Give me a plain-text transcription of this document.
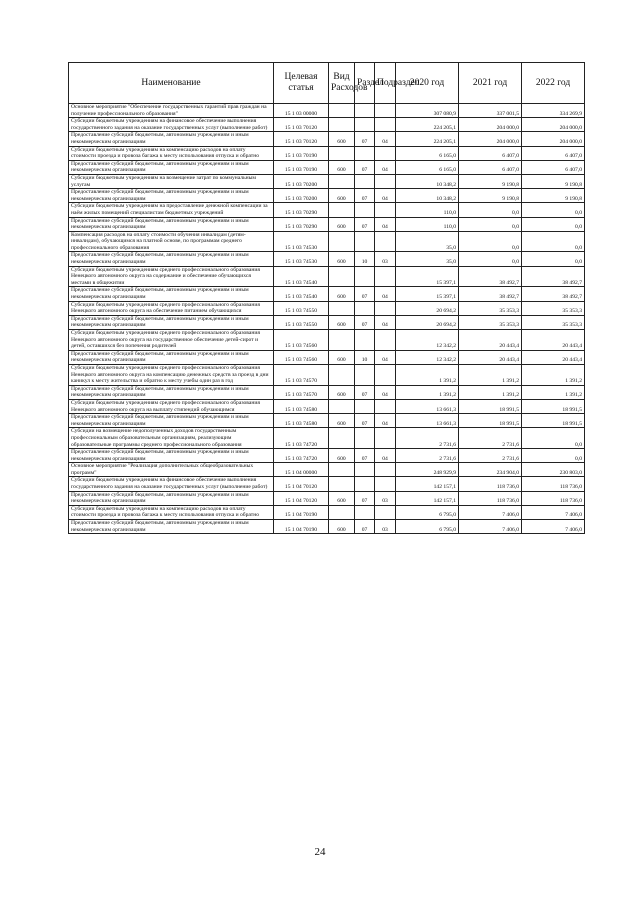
Наименование	Целевая статья	Вид Расходов	Раздел	Подраздел	2020 год	2021 год	2022 год
Основное мероприятие "Обеспечение государственных гарантий прав граждан на получение профессионального образования"	15 1 03 00000				307 080,9	337 001,5	334 269,9
Субсидии бюджетным учреждениям на финансовое обеспечение выполнения государственного задания на оказание государственных услуг (выполнение работ)	15 1 03 70120				224 205,1	204 000,0	204 000,0
Предоставление субсидий бюджетным, автономным учреждениям и иным некоммерческим организациям	15 1 03 70120	600	07	04	224 205,1	204 000,0	204 000,0
Субсидии бюджетным учреждениям на компенсацию расходов на оплату стоимости проезда и провоза багажа к месту использования отпуска и обратно	15 1 03 70190				6 165,0	6 407,0	6 407,0
Предоставление субсидий бюджетным, автономным учреждениям и иным некоммерческим организациям	15 1 03 70190	600	07	04	6 165,0	6 407,0	6 407,0
Субсидии бюджетным учреждениям на возмещение затрат по коммунальным услугам	15 1 03 70200				10 348,2	9 190,8	9 190,8
Предоставление субсидий бюджетным, автономным учреждениям и иным некоммерческим организациям	15 1 03 70200	600	07	04	10 348,2	9 190,8	9 190,8
Субсидии бюджетным учреждениям на предоставление денежной компенсации за наём жилых помещений специалистам бюджетных учреждений	15 1 03 70290				110,0	0,0	0,0
Предоставление субсидий бюджетным, автономным учреждениям и иным некоммерческим организациям	15 1 03 70290	600	07	04	110,0	0,0	0,0
Компенсация расходов на оплату стоимости обучения инвалидам (детям-инвалидам), обучающимся на платной основе, по программам среднего профессионального образования	15 1 03 74530				35,0	0,0	0,0
Предоставление субсидий бюджетным, автономным учреждениям и иным некоммерческим организациям	15 1 03 74530	600	10	03	35,0	0,0	0,0
Субсидии бюджетным учреждениям среднего профессионального образования Ненецкого автономного округа на содержание и обеспечение обучающихся местами в общежитии	15 1 03 74540				15 397,1	38 492,7	38 492,7
Предоставление субсидий бюджетным, автономным учреждениям и иным некоммерческим организациям	15 1 03 74540	600	07	04	15 397,1	38 492,7	38 492,7
Субсидии бюджетным учреждениям среднего профессионального образования Ненецкого автономного округа на обеспечение питанием обучающихся	15 1 03 74550				20 694,2	35 353,3	35 353,3
Предоставление субсидий бюджетным, автономным учреждениям и иным некоммерческим организациям	15 1 03 74550	600	07	04	20 694,2	35 353,3	35 353,3
Субсидии бюджетным учреждениям среднего профессионального образования Ненецкого автономного округа на государственное обеспечение детей-сирот и детей, оставшихся без попечения родителей	15 1 03 74560				12 342,2	20 443,4	20 443,4
Предоставление субсидий бюджетным, автономным учреждениям и иным некоммерческим организациям	15 1 03 74560	600	10	04	12 342,2	20 443,4	20 443,4
Субсидии бюджетным учреждениям среднего профессионального образования Ненецкого автономного округа на компенсацию денежных средств за проезд в дни каникул к месту жительства и обратно к месту учебы один раз в год	15 1 03 74570				1 391,2	1 391,2	1 391,2
Предоставление субсидий бюджетным, автономным учреждениям и иным некоммерческим организациям	15 1 03 74570	600	07	04	1 391,2	1 391,2	1 391,2
Субсидии бюджетным учреждениям среднего профессионального образования Ненецкого автономного округа на выплату стипендий обучающимся	15 1 03 74580				13 661,3	18 991,5	18 991,5
Предоставление субсидий бюджетным, автономным учреждениям и иным некоммерческим организациям	15 1 03 74580	600	07	04	13 661,3	18 991,5	18 991,5
Субсидии на возмещение недополученных доходов государственным профессиональным образовательным организациям, реализующим образовательные программы среднего профессионального образования	15 1 03 74720				2 731,6	2 731,6	0,0
Предоставление субсидий бюджетным, автономным учреждениям и иным некоммерческим организациям	15 1 03 74720	600	07	04	2 731,6	2 731,6	0,0
Основное мероприятие "Реализация дополнительных общеобразовательных программ"	15 1 04 00000				248 929,9	234 904,0	230 803,0
Субсидии бюджетным учреждениям на финансовое обеспечение выполнения государственного задания на оказание государственных услуг (выполнение работ)	15 1 04 70120				142 157,1	118 736,0	118 736,0
Предоставление субсидий бюджетным, автономным учреждениям и иным некоммерческим организациям	15 1 04 70120	600	07	03	142 157,1	118 736,0	118 736,0
Субсидии бюджетным учреждениям на компенсацию расходов на оплату стоимости проезда и провоза багажа к месту использования отпуска и обратно	15 1 04 70190				6 795,0	7 406,0	7 406,0
Предоставление субсидий бюджетным, автономным учреждениям и иным некоммерческим организациям	15 1 04 70190	600	07	03	6 795,0	7 406,0	7 406,0
24
